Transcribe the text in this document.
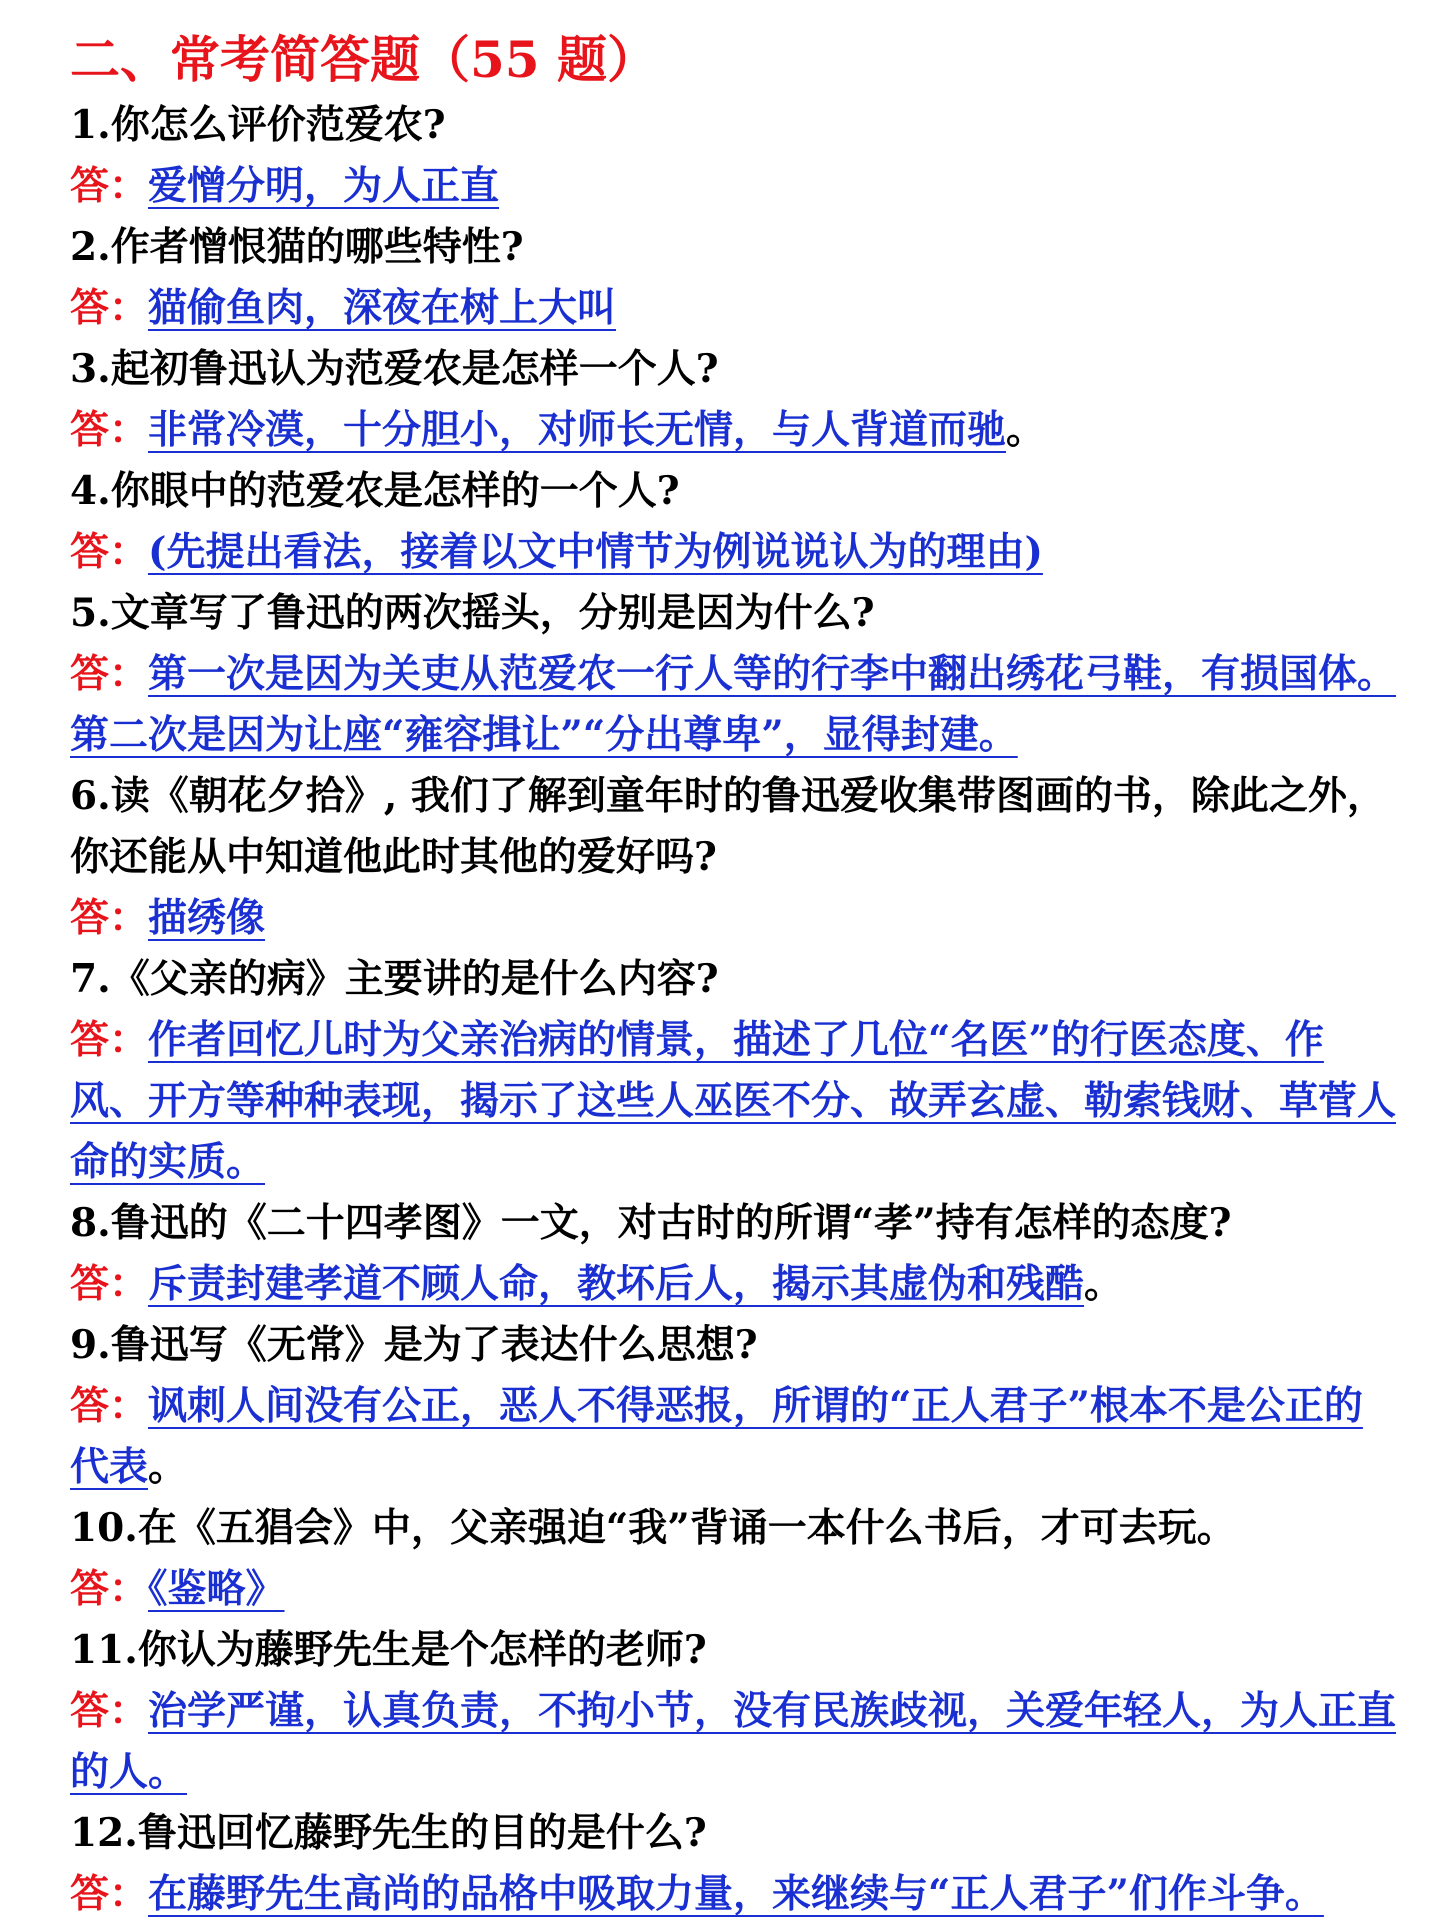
二、常考简答题（55 题）

1.你怎么评价范爱农?

答：爱憎分明，为人正直

2.作者憎恨猫的哪些特性?

答：猫偷鱼肉，深夜在树上大叫

3.起初鲁迅认为范爱农是怎样一个人?

答：非常冷漠，十分胆小，对师长无情，与人背道而驰。

4.你眼中的范爱农是怎样的一个人?

答：(先提出看法，接着以文中情节为例说说认为的理由)

5.文章写了鲁迅的两次摇头，分别是因为什么?

答：第一次是因为关吏从范爱农一行人等的行李中翻出绣花弓鞋，有损国体。第二次是因为让座“雍容揖让”“分出尊卑”，显得封建。

6.读《朝花夕拾》, 我们了解到童年时的鲁迅爱收集带图画的书，除此之外，你还能从中知道他此时其他的爱好吗?

答：描绣像

7.《父亲的病》主要讲的是什么内容?

答：作者回忆儿时为父亲治病的情景，描述了几位“名医”的行医态度、作风、开方等种种表现，揭示了这些人巫医不分、故弄玄虚、勒索钱财、草菅人命的实质。

8.鲁迅的《二十四孝图》一文，对古时的所谓“孝”持有怎样的态度?

答：斥责封建孝道不顾人命，教坏后人，揭示其虚伪和残酷。

9.鲁迅写《无常》是为了表达什么思想?

答：讽刺人间没有公正，恶人不得恶报，所谓的“正人君子”根本不是公正的代表。

10.在《五猖会》中，父亲强迫“我”背诵一本什么书后，才可去玩。

答：《鉴略》

11.你认为藤野先生是个怎样的老师?

答：治学严谨，认真负责，不拘小节，没有民族歧视，关爱年轻人，为人正直的人。

12.鲁迅回忆藤野先生的目的是什么?

答：在藤野先生高尚的品格中吸取力量，来继续与“正人君子”们作斗争。
